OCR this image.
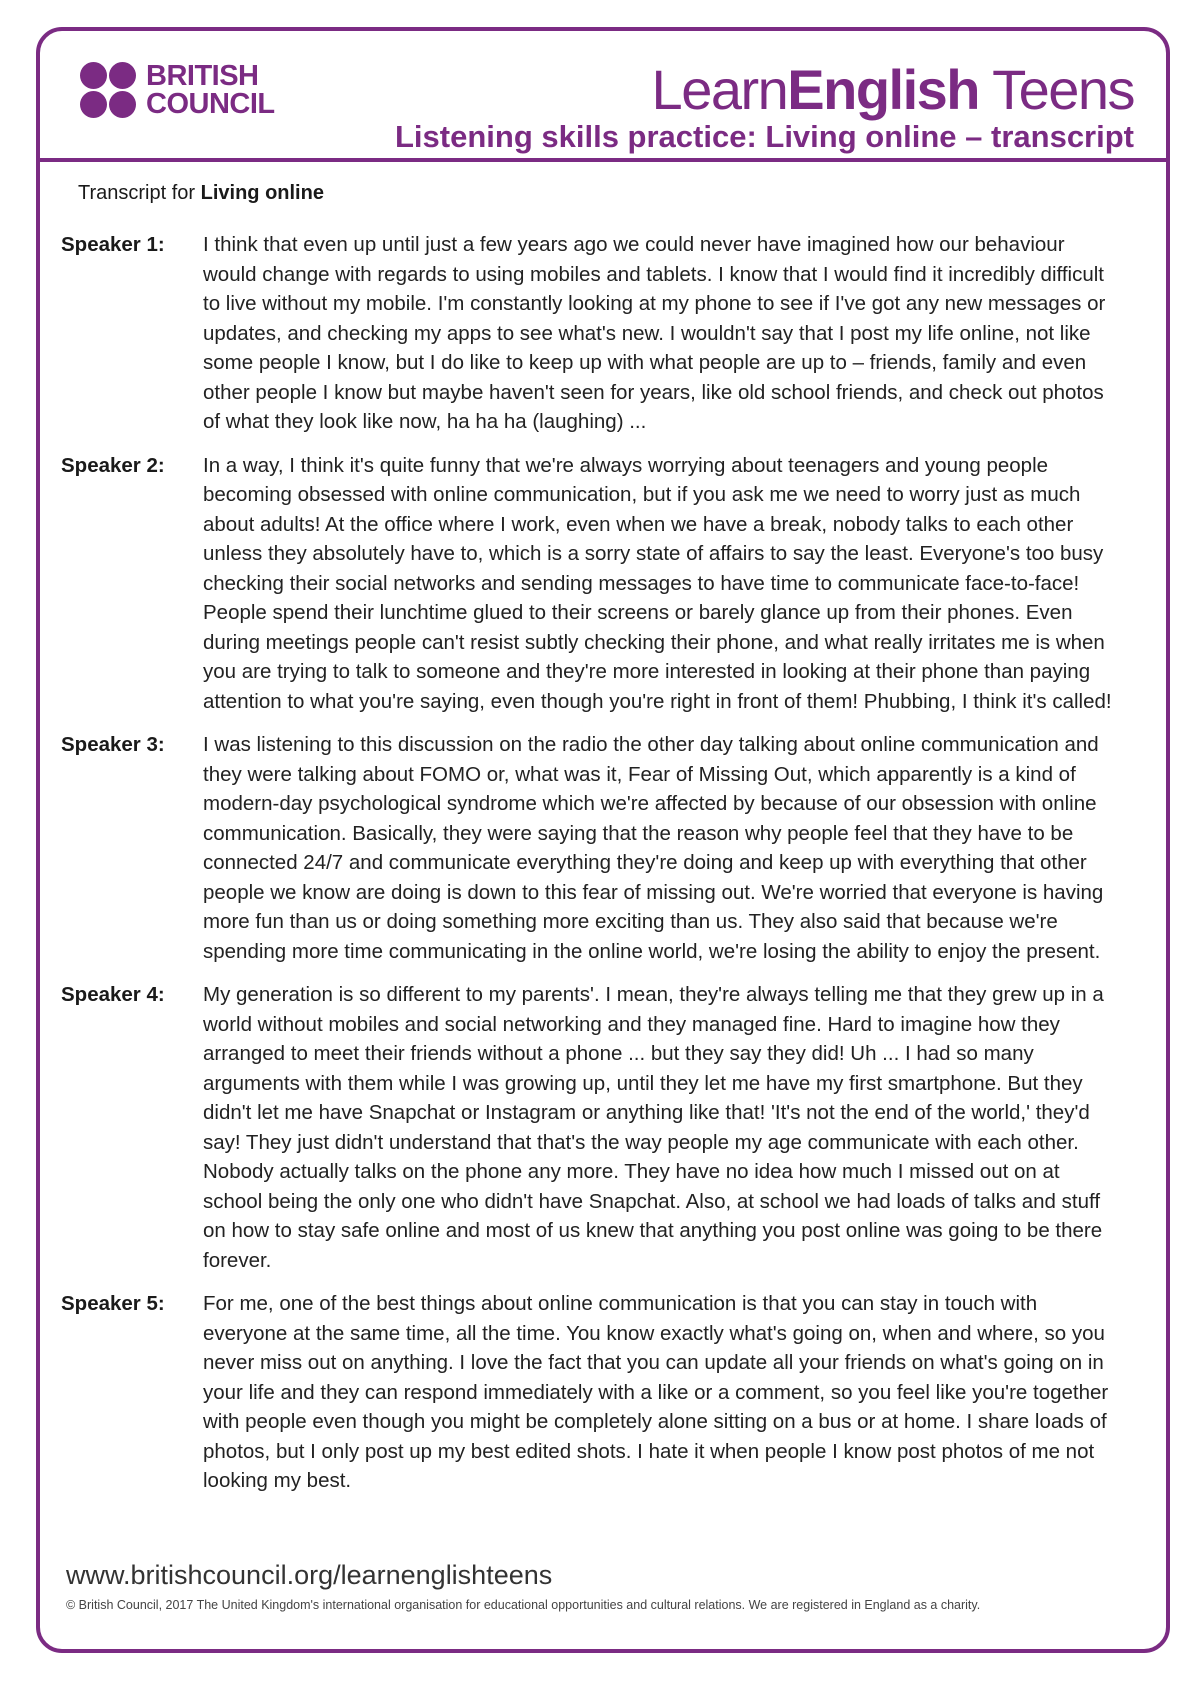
BRITISH
COUNCIL	LearnEnglish Teens
Listening skills practice: Living online – transcript
Transcript for Living online
Speaker 1:	I think that even up until just a few years ago we could never have imagined how our behaviour would change with regards to using mobiles and tablets. I know that I would find it incredibly difficult to live without my mobile. I'm constantly looking at my phone to see if I've got any new messages or updates, and checking my apps to see what's new. I wouldn't say that I post my life online, not like some people I know, but I do like to keep up with what people are up to – friends, family and even other people I know but maybe haven't seen for years, like old school friends, and check out photos of what they look like now, ha ha ha (laughing) ...
Speaker 2:	In a way, I think it's quite funny that we're always worrying about teenagers and young people becoming obsessed with online communication, but if you ask me we need to worry just as much about adults! At the office where I work, even when we have a break, nobody talks to each other unless they absolutely have to, which is a sorry state of affairs to say the least. Everyone's too busy checking their social networks and sending messages to have time to communicate face-to-face! People spend their lunchtime glued to their screens or barely glance up from their phones. Even during meetings people can't resist subtly checking their phone, and what really irritates me is when you are trying to talk to someone and they're more interested in looking at their phone than paying attention to what you're saying, even though you're right in front of them! Phubbing, I think it's called!
Speaker 3:	I was listening to this discussion on the radio the other day talking about online communication and they were talking about FOMO or, what was it, Fear of Missing Out, which apparently is a kind of modern-day psychological syndrome which we're affected by because of our obsession with online communication. Basically, they were saying that the reason why people feel that they have to be connected 24/7 and communicate everything they're doing and keep up with everything that other people we know are doing is down to this fear of missing out. We're worried that everyone is having more fun than us or doing something more exciting than us. They also said that because we're spending more time communicating in the online world, we're losing the ability to enjoy the present.
Speaker 4:	My generation is so different to my parents'. I mean, they're always telling me that they grew up in a world without mobiles and social networking and they managed fine. Hard to imagine how they arranged to meet their friends without a phone ... but they say they did! Uh ... I had so many arguments with them while I was growing up, until they let me have my first smartphone. But they didn't let me have Snapchat or Instagram or anything like that! 'It's not the end of the world,' they'd say! They just didn't understand that that's the way people my age communicate with each other. Nobody actually talks on the phone any more. They have no idea how much I missed out on at school being the only one who didn't have Snapchat. Also, at school we had loads of talks and stuff on how to stay safe online and most of us knew that anything you post online was going to be there forever.
Speaker 5:	For me, one of the best things about online communication is that you can stay in touch with everyone at the same time, all the time. You know exactly what's going on, when and where, so you never miss out on anything. I love the fact that you can update all your friends on what's going on in your life and they can respond immediately with a like or a comment, so you feel like you're together with people even though you might be completely alone sitting on a bus or at home. I share loads of photos, but I only post up my best edited shots. I hate it when people I know post photos of me not looking my best.
www.britishcouncil.org/learnenglishteens
© British Council, 2017 The United Kingdom's international organisation for educational opportunities and cultural relations. We are registered in England as a charity.
